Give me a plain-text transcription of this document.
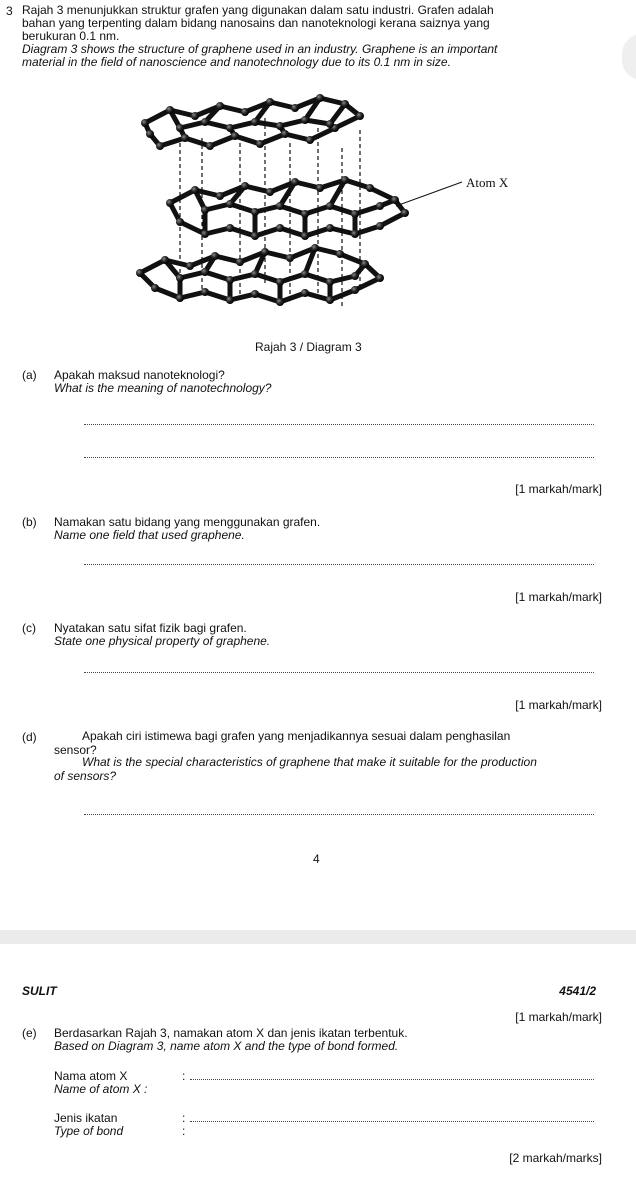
3 Rajah 3 menunjukkan struktur grafen yang digunakan dalam satu industri. Grafen adalah
bahan yang terpenting dalam bidang nanosains dan nanoteknologi kerana saiznya yang
berukuran 0.1 nm.
Diagram 3 shows the structure of graphene used in an industry. Graphene is an important
material in the field of nanoscience and nanotechnology due to its 0.1 nm in size.
Atom X
Rajah 3 / Diagram 3
(a) Apakah maksud nanoteknologi?
What is the meaning of nanotechnology?
[1 markah/mark]
(b) Namakan satu bidang yang menggunakan grafen.
Name one field that used graphene.
[1 markah/mark]
(c) Nyatakan satu sifat fizik bagi grafen.
State one physical property of graphene.
[1 markah/mark]
(d)	Apakah ciri istimewa bagi grafen yang menjadikannya sesuai dalam penghasilan
sensor?
What is the special characteristics of graphene that make it suitable for the production
of sensors?
4
SULIT	4541/2
[1 markah/mark]
(e) Berdasarkan Rajah 3, namakan atom X dan jenis ikatan terbentuk.
Based on Diagram 3, name atom X and the type of bond formed.
Nama atom X	:
Name of atom X :
Jenis ikatan	:
Type of bond	:
[2 markah/marks]
